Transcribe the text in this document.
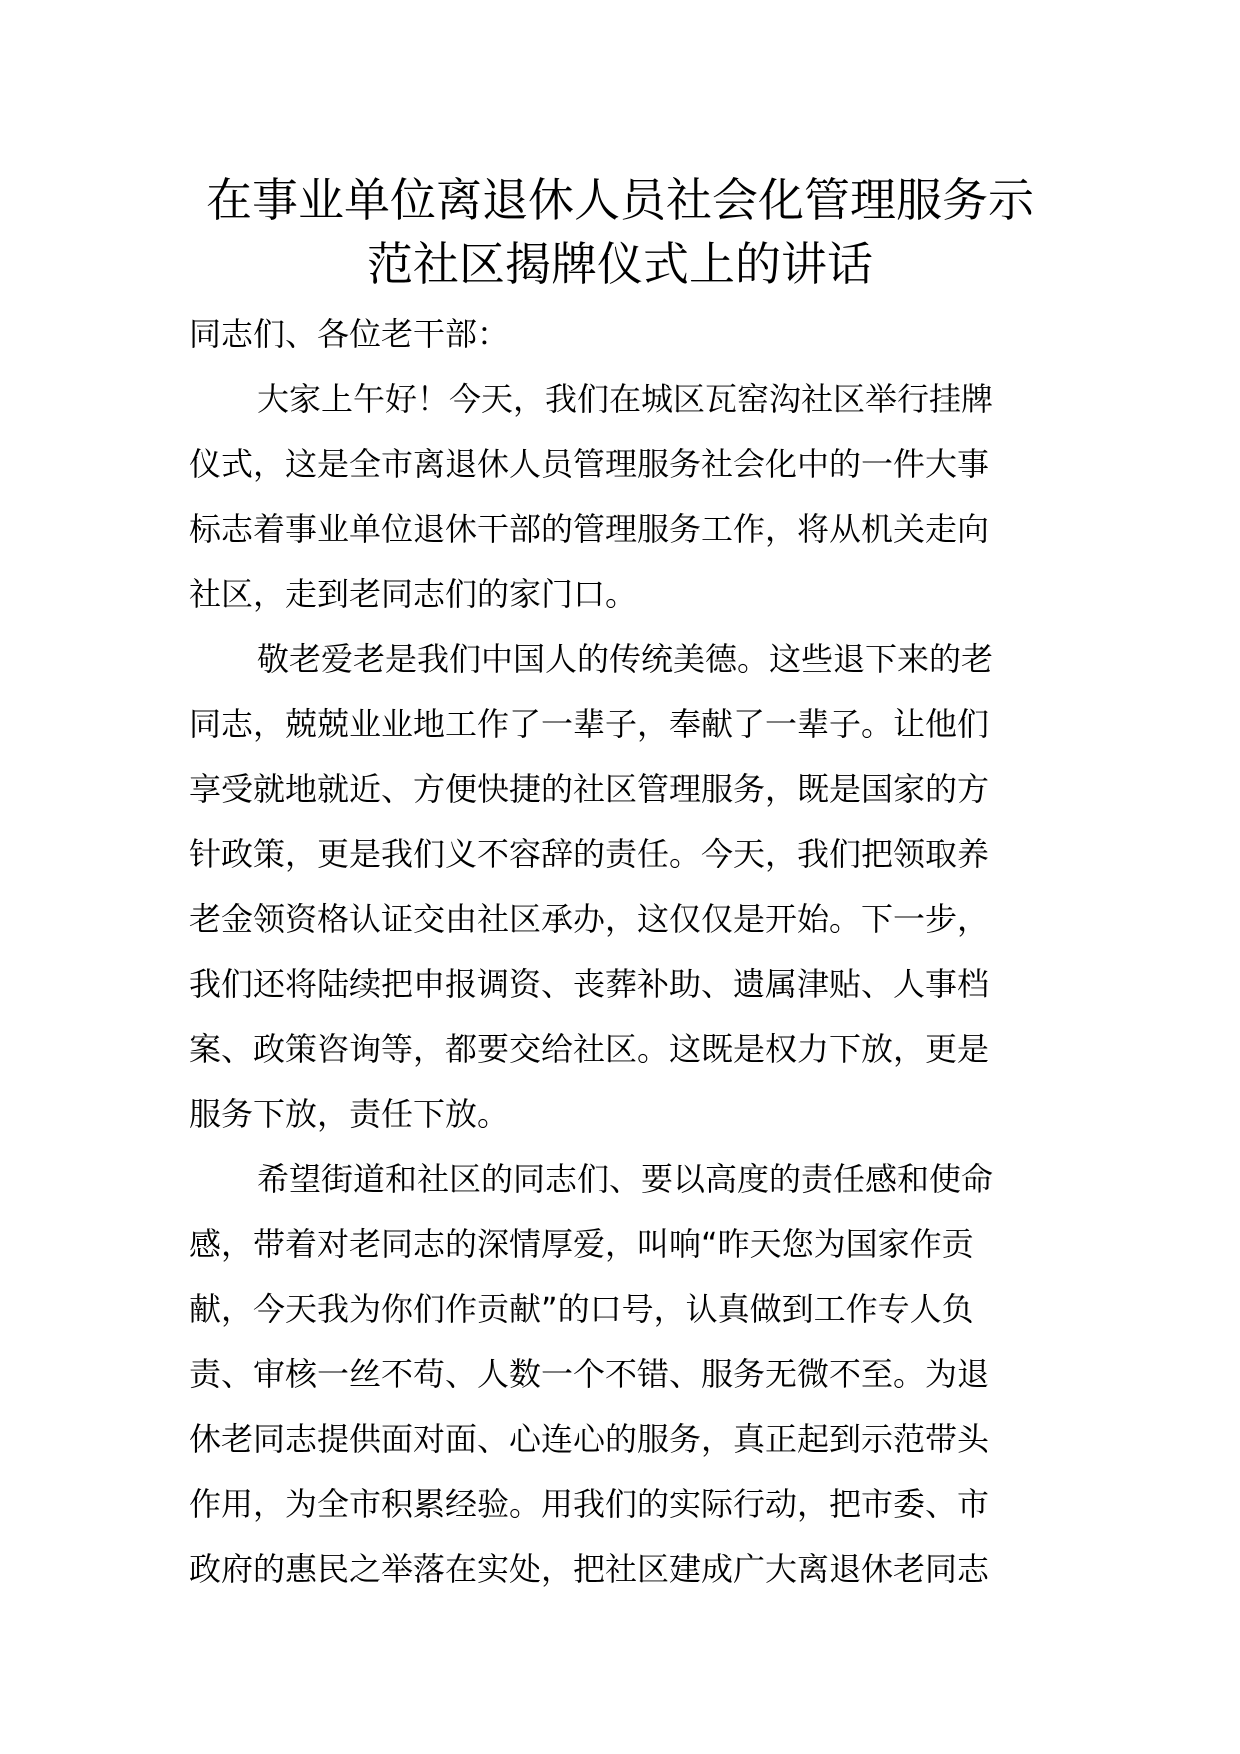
在事业单位离退休人员社会化管理服务示
范社区揭牌仪式上的讲话
同志们、各位老干部：
大家上午好！今天，我们在城区瓦窑沟社区举行挂牌
仪式，这是全市离退休人员管理服务社会化中的一件大事
标志着事业单位退休干部的管理服务工作，将从机关走向
社区，走到老同志们的家门口。
敬老爱老是我们中国人的传统美德。这些退下来的老
同志，兢兢业业地工作了一辈子，奉献了一辈子。让他们
享受就地就近、方便快捷的社区管理服务，既是国家的方
针政策，更是我们义不容辞的责任。今天，我们把领取养
老金领资格认证交由社区承办，这仅仅是开始。下一步，
我们还将陆续把申报调资、丧葬补助、遗属津贴、人事档
案、政策咨询等，都要交给社区。这既是权力下放，更是
服务下放，责任下放。
希望街道和社区的同志们、要以高度的责任感和使命
感，带着对老同志的深情厚爱，叫响“昨天您为国家作贡
献，今天我为你们作贡献”的口号，认真做到工作专人负
责、审核一丝不苟、人数一个不错、服务无微不至。为退
休老同志提供面对面、心连心的服务，真正起到示范带头
作用，为全市积累经验。用我们的实际行动，把市委、市
政府的惠民之举落在实处，把社区建成广大离退休老同志
